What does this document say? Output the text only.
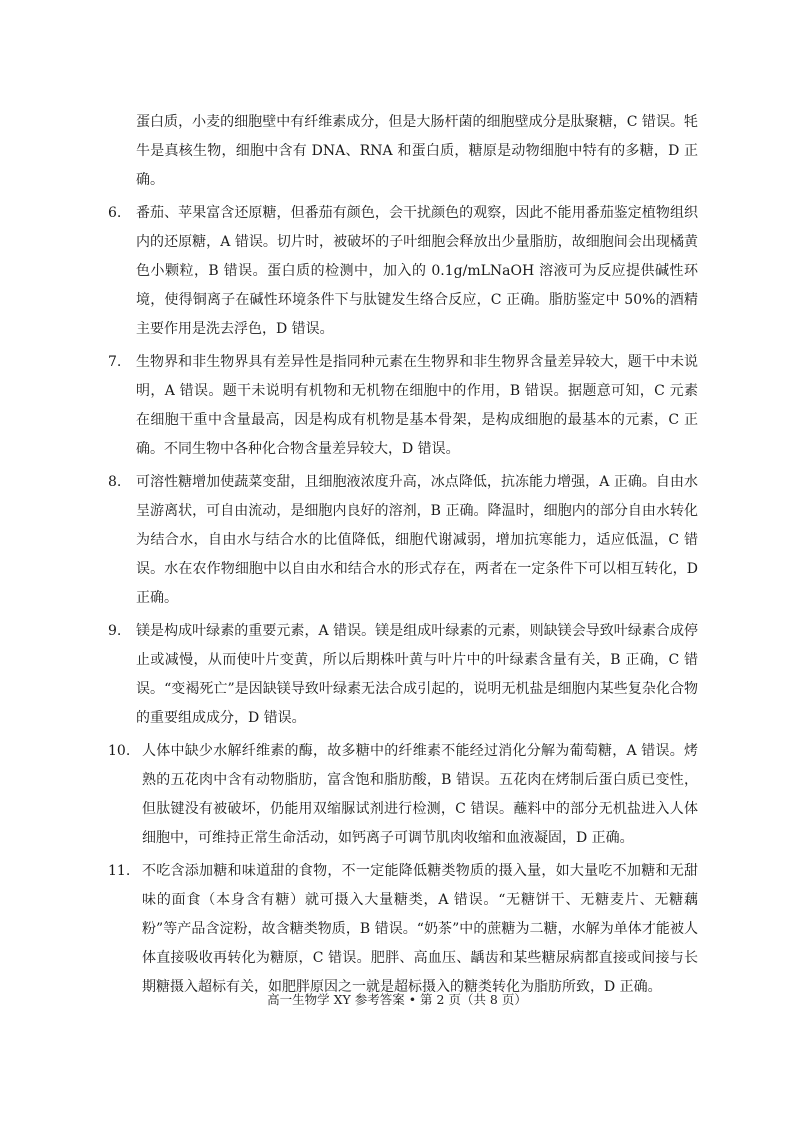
蛋白质，小麦的细胞壁中有纤维素成分，但是大肠杆菌的细胞壁成分是肽聚糖，C 错误。牦牛是真核生物，细胞中含有 DNA、RNA 和蛋白质，糖原是动物细胞中特有的多糖，D 正确。

6.	番茄、苹果富含还原糖，但番茄有颜色，会干扰颜色的观察，因此不能用番茄鉴定植物组织内的还原糖，A 错误。切片时，被破坏的子叶细胞会释放出少量脂肪，故细胞间会出现橘黄色小颗粒，B 错误。蛋白质的检测中，加入的 0.1g/mLNaOH 溶液可为反应提供碱性环境，使得铜离子在碱性环境条件下与肽键发生络合反应，C 正确。脂肪鉴定中 50%的酒精主要作用是洗去浮色，D 错误。
7.	生物界和非生物界具有差异性是指同种元素在生物界和非生物界含量差异较大，题干中未说明，A 错误。题干未说明有机物和无机物在细胞中的作用，B 错误。据题意可知，C 元素在细胞干重中含量最高，因是构成有机物是基本骨架，是构成细胞的最基本的元素，C 正确。不同生物中各种化合物含量差异较大，D 错误。
8.	可溶性糖增加使蔬菜变甜，且细胞液浓度升高，冰点降低，抗冻能力增强，A 正确。自由水呈游离状，可自由流动，是细胞内良好的溶剂，B 正确。降温时，细胞内的部分自由水转化为结合水，自由水与结合水的比值降低，细胞代谢减弱，增加抗寒能力，适应低温，C 错误。水在农作物细胞中以自由水和结合水的形式存在，两者在一定条件下可以相互转化，D 正确。
9.	镁是构成叶绿素的重要元素，A 错误。镁是组成叶绿素的元素，则缺镁会导致叶绿素合成停止或减慢，从而使叶片变黄，所以后期株叶黄与叶片中的叶绿素含量有关，B 正确，C 错误。“变褐死亡”是因缺镁导致叶绿素无法合成引起的，说明无机盐是细胞内某些复杂化合物的重要组成成分，D 错误。
10. 人体中缺少水解纤维素的酶，故多糖中的纤维素不能经过消化分解为葡萄糖，A 错误。烤熟的五花肉中含有动物脂肪，富含饱和脂肪酸，B 错误。五花肉在烤制后蛋白质已变性，但肽键没有被破坏，仍能用双缩脲试剂进行检测，C 错误。蘸料中的部分无机盐进入人体细胞中，可维持正常生命活动，如钙离子可调节肌肉收缩和血液凝固，D 正确。
11. 不吃含添加糖和味道甜的食物，不一定能降低糖类物质的摄入量，如大量吃不加糖和无甜味的面食（本身含有糖）就可摄入大量糖类，A 错误。“无糖饼干、无糖麦片、无糖藕粉”等产品含淀粉，故含糖类物质，B 错误。“奶茶”中的蔗糖为二糖，水解为单体才能被人体直接吸收再转化为糖原，C 错误。肥胖、高血压、龋齿和某些糖尿病都直接或间接与长期糖摄入超标有关，如肥胖原因之一就是超标摄入的糖类转化为脂肪所致，D 正确。
高一生物学 XY 参考答案 • 第 2 页（共 8 页）
